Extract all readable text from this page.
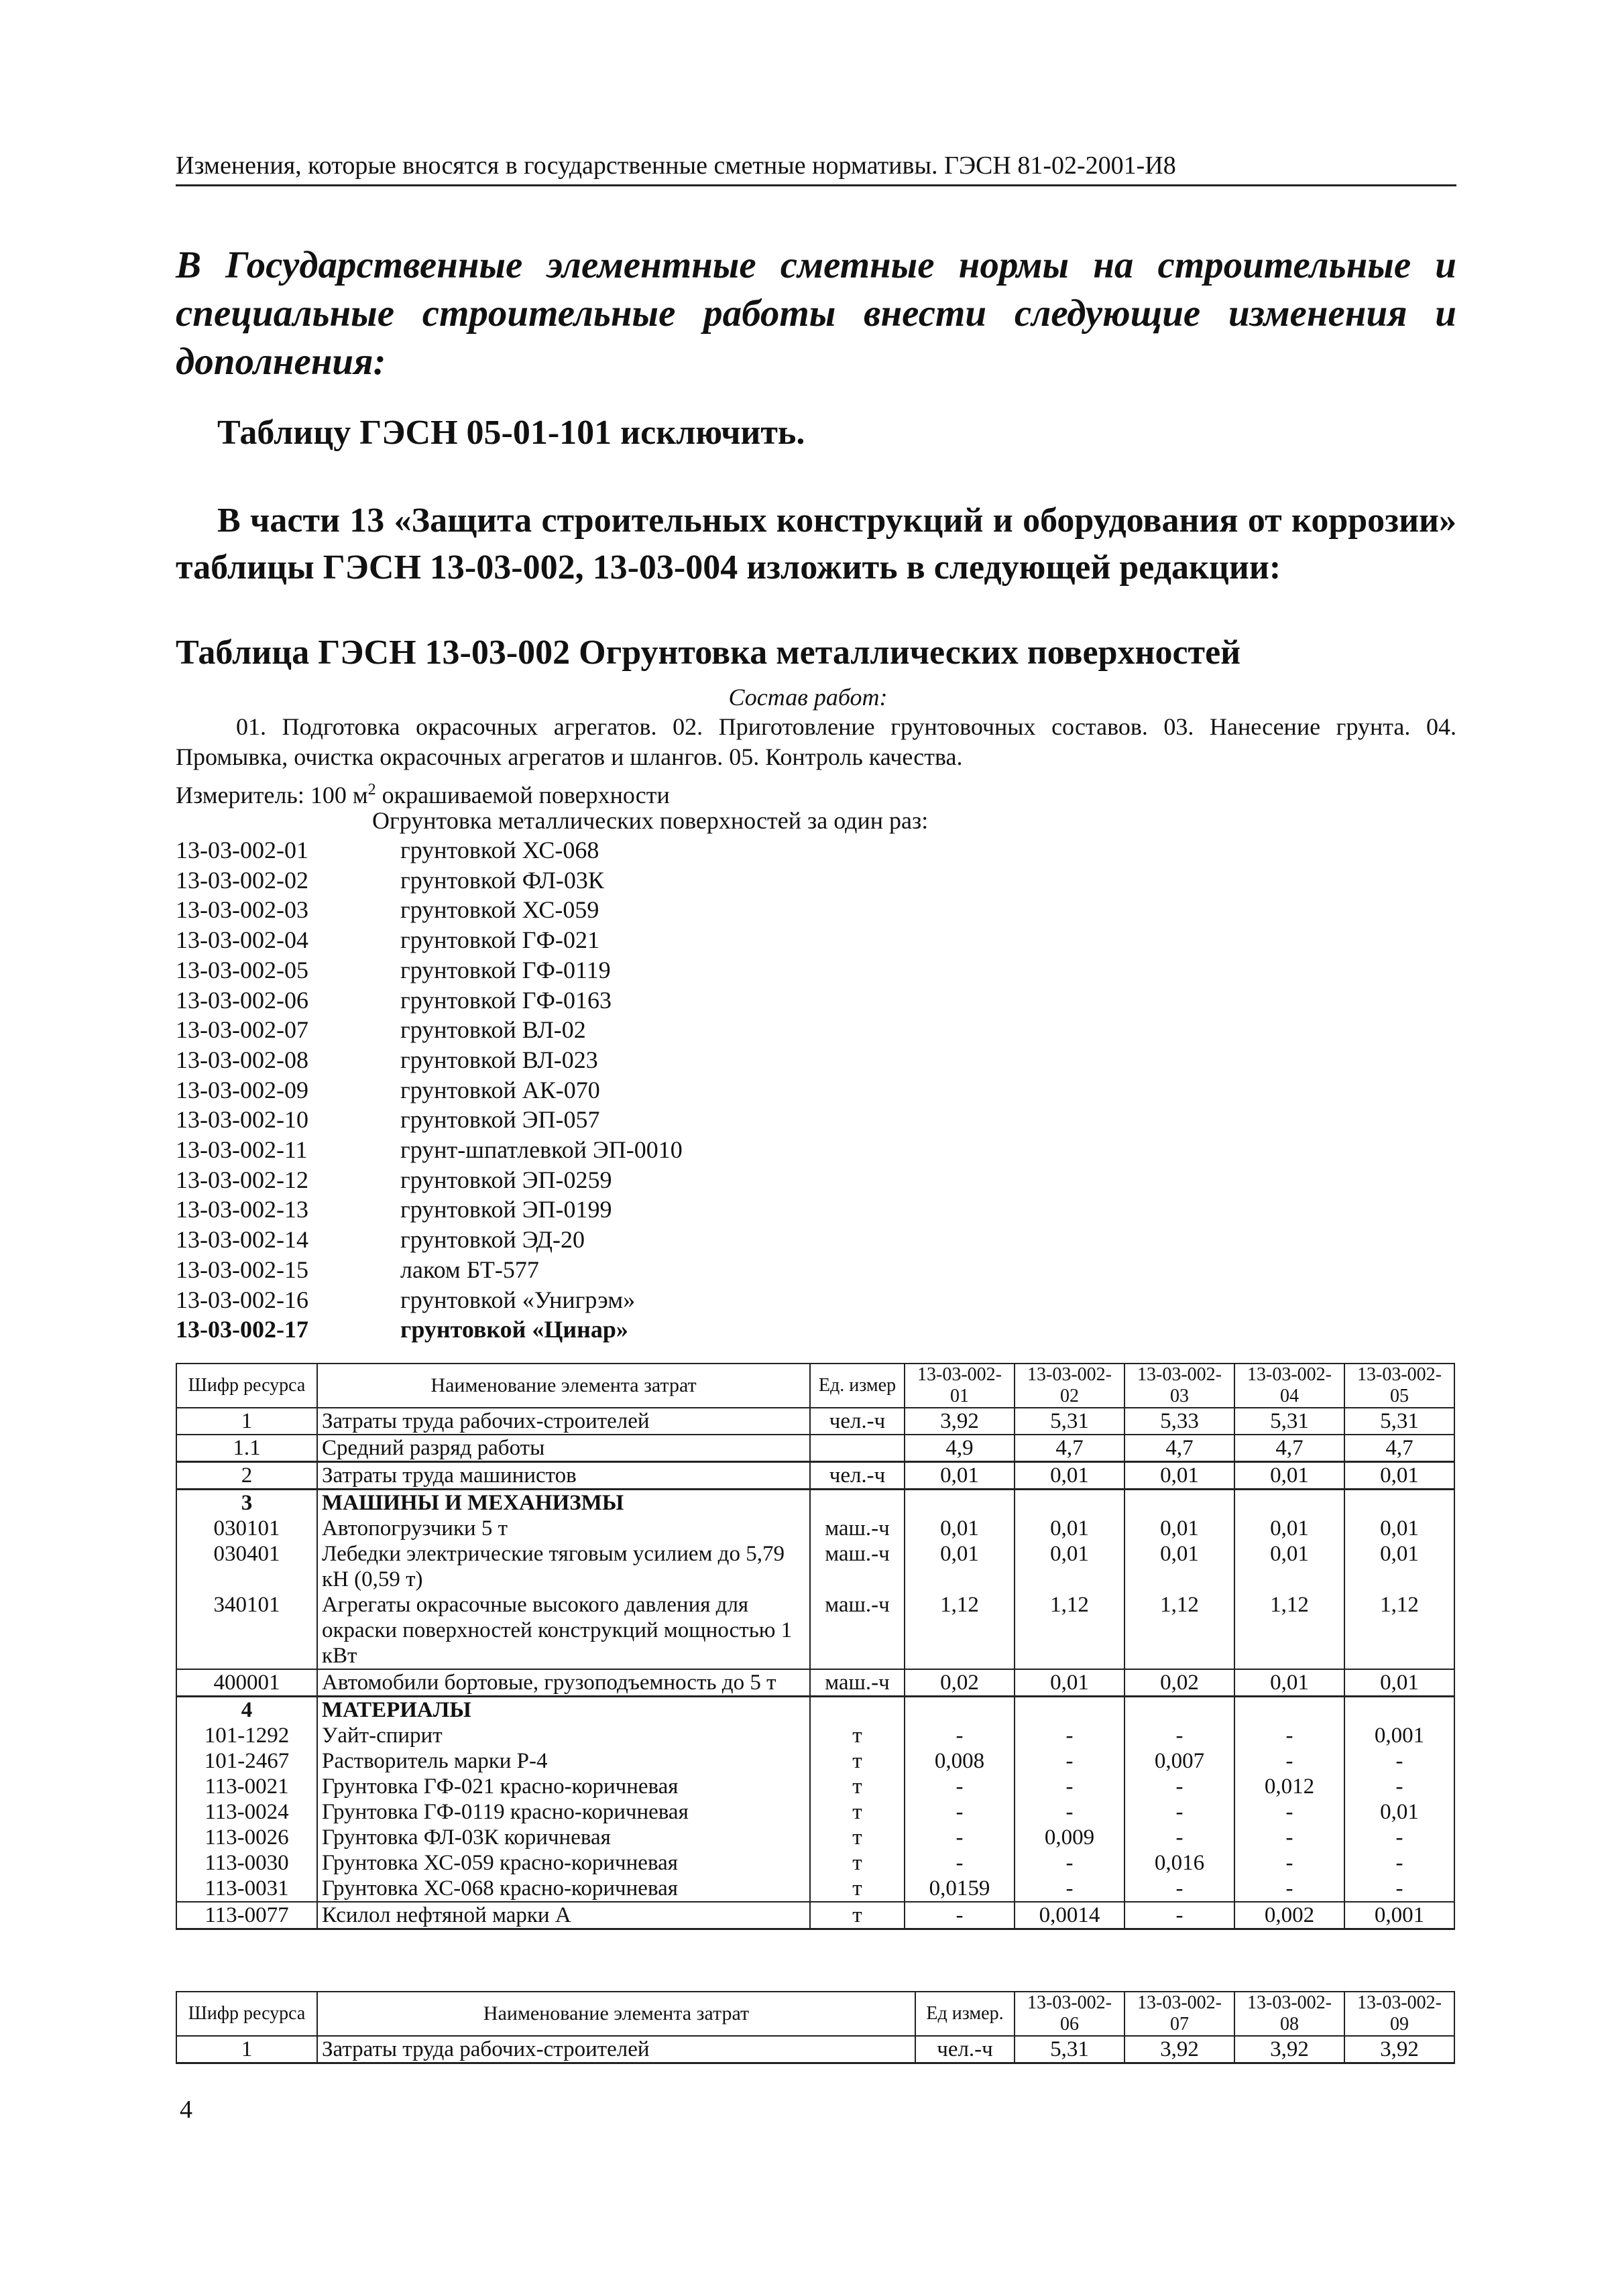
Изменения, которые вносятся в государственные сметные нормативы. ГЭСН 81-02-2001-И8
В Государственные элементные сметные нормы на строительные и специальные строительные работы внести следующие изменения и дополнения:
Таблицу ГЭСН 05-01-101 исключить.
В части 13 «Защита строительных конструкций и оборудования от коррозии» таблицы ГЭСН 13-03-002, 13-03-004 изложить в следующей редакции:
Таблица ГЭСН 13-03-002 Огрунтовка металлических поверхностей
Состав работ:
01. Подготовка окрасочных агрегатов. 02. Приготовление грунтовочных составов. 03. Нанесение грунта. 04. Промывка, очистка окрасочных агрегатов и шлангов. 05. Контроль качества.
Измеритель: 100 $м^2$ окрашиваемой поверхности
Огрунтовка металлических поверхностей за один раз:
13-03-002-01	грунтовкой ХС-068
13-03-002-02	грунтовкой ФЛ-03К
13-03-002-03	грунтовкой ХС-059
13-03-002-04	грунтовкой ГФ-021
13-03-002-05	грунтовкой ГФ-0119
13-03-002-06	грунтовкой ГФ-0163
13-03-002-07	грунтовкой ВЛ-02
13-03-002-08	грунтовкой ВЛ-023
13-03-002-09	грунтовкой АК-070
13-03-002-10	грунтовкой ЭП-057
13-03-002-11	грунт-шпатлевкой ЭП-0010
13-03-002-12	грунтовкой ЭП-0259
13-03-002-13	грунтовкой ЭП-0199
13-03-002-14	грунтовкой ЭД-20
13-03-002-15	лаком БТ-577
13-03-002-16	грунтовкой «Унигрэм»
13-03-002-17	грунтовкой «Цинар»
Шифр ресурса	Наименование элемента затрат	Ед. измер	13-03-002-01	13-03-002-02	13-03-002-03	13-03-002-04	13-03-002-05
1	Затраты труда рабочих-строителей	чел.-ч	3,92	5,31	5,33	5,31	5,31
1.1	Средний разряд работы		4,9	4,7	4,7	4,7	4,7
2	Затраты труда машинистов	чел.-ч	0,01	0,01	0,01	0,01	0,01
3	МАШИНЫ И МЕХАНИЗМЫ						
030101	Автопогрузчики 5 т	маш.-ч	0,01	0,01	0,01	0,01	0,01
030401	Лебедки электрические тяговым усилием до 5,79 кН (0,59 т)	маш.-ч	0,01	0,01	0,01	0,01	0,01
340101	Агрегаты окрасочные высокого давления для окраски поверхностей конструкций мощностью 1 кВт	маш.-ч	1,12	1,12	1,12	1,12	1,12
400001	Автомобили бортовые, грузоподъемность до 5 т	маш.-ч	0,02	0,01	0,02	0,01	0,01
4	МАТЕРИАЛЫ						
101-1292	Уайт-спирит	т	-	-	-	-	0,001
101-2467	Растворитель марки Р-4	т	0,008	-	0,007	-	-
113-0021	Грунтовка ГФ-021 красно-коричневая	т	-	-	-	0,012	-
113-0024	Грунтовка ГФ-0119 красно-коричневая	т	-	-	-	-	0,01
113-0026	Грунтовка ФЛ-03К коричневая	т	-	0,009	-	-	-
113-0030	Грунтовка ХС-059 красно-коричневая	т	-	-	0,016	-	-
113-0031	Грунтовка ХС-068 красно-коричневая	т	0,0159	-	-	-	-
113-0077	Ксилол нефтяной марки А	т	-	0,0014	-	0,002	0,001
Шифр ресурса	Наименование элемента затрат	Ед измер.	13-03-002-06	13-03-002-07	13-03-002-08	13-03-002-09
1	Затраты труда рабочих-строителей	чел.-ч	5,31	3,92	3,92	3,92
4
